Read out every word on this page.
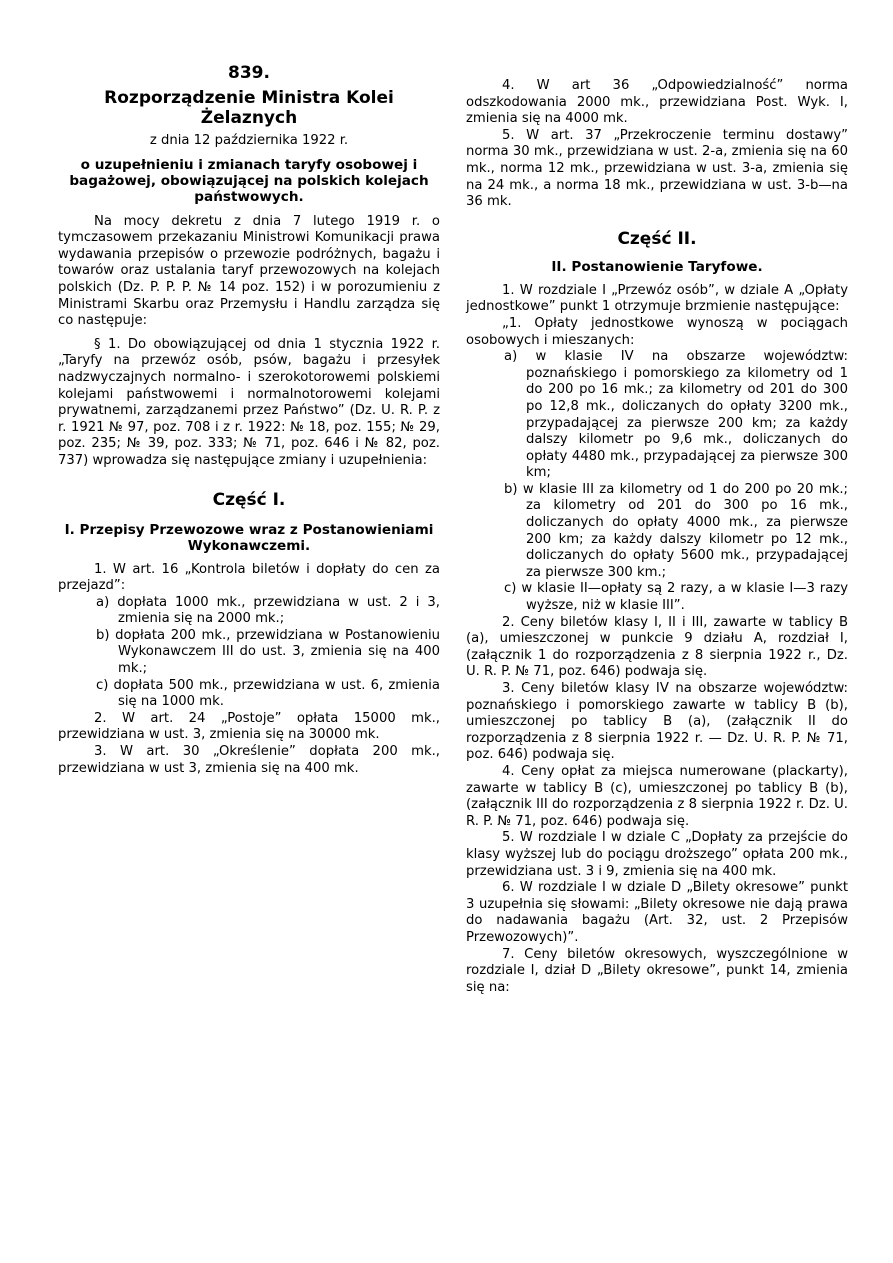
839.

Rozporządzenie Ministra Kolei Żelaznych

z dnia 12 października 1922 r.

o uzupełnieniu i zmianach taryfy osobowej i bagażowej, obowiązującej na polskich kolejach państwowych.

Na mocy dekretu z dnia 7 lutego 1919 r. o tymczasowem przekazaniu Ministrowi Komunikacji prawa wydawania przepisów o przewozie podróżnych, bagażu i towarów oraz ustalania taryf przewozowych na kolejach polskich (Dz. P. P. P. № 14 poz. 152) i w porozumieniu z Ministrami Skarbu oraz Przemysłu i Handlu zarządza się co następuje:

§ 1. Do obowiązującej od dnia 1 stycznia 1922 r. „Taryfy na przewóz osób, psów, bagażu i przesyłek nadzwyczajnych normalno- i szerokotorowemi polskiemi kolejami państwowemi i normalnotorowemi kolejami prywatnemi, zarządzanemi przez Państwo” (Dz. U. R. P. z r. 1921 № 97, poz. 708 i z r. 1922: № 18, poz. 155; № 29, poz. 235; № 39, poz. 333; № 71, poz. 646 i № 82, poz. 737) wprowadza się następujące zmiany i uzupełnienia:

Część I.

I. Przepisy Przewozowe wraz z Postanowieniami Wykonawczemi.

1. W art. 16 „Kontrola biletów i dopłaty do cen za przejazd”:

a) dopłata 1000 mk., przewidziana w ust. 2 i 3, zmienia się na 2000 mk.;

b) dopłata 200 mk., przewidziana w Postanowieniu Wykonawczem III do ust. 3, zmienia się na 400 mk.;

c) dopłata 500 mk., przewidziana w ust. 6, zmienia się na 1000 mk.

2. W art. 24 „Postoje” opłata 15000 mk., przewidziana w ust. 3, zmienia się na 30000 mk.

3. W art. 30 „Określenie” dopłata 200 mk., przewidziana w ust 3, zmienia się na 400 mk.

4. W art 36 „Odpowiedzialność” norma odszkodowania 2000 mk., przewidziana Post. Wyk. I, zmienia się na 4000 mk.

5. W art. 37 „Przekroczenie terminu dostawy” norma 30 mk., przewidziana w ust. 2-a, zmienia się na 60 mk., norma 12 mk., przewidziana w ust. 3-a, zmienia się na 24 mk., a norma 18 mk., przewidziana w ust. 3-b—na 36 mk.

Część II.

II. Postanowienie Taryfowe.

1. W rozdziale I „Przewóz osób”, w dziale A „Opłaty jednostkowe” punkt 1 otrzymuje brzmienie następujące:

„1. Opłaty jednostkowe wynoszą w pociągach osobowych i mieszanych:

a) w klasie IV na obszarze województw: poznańskiego i pomorskiego za kilometry od 1 do 200 po 16 mk.; za kilometry od 201 do 300 po 12,8 mk., doliczanych do opłaty 3200 mk., przypadającej za pierwsze 200 km; za każdy dalszy kilometr po 9,6 mk., doliczanych do opłaty 4480 mk., przypadającej za pierwsze 300 km;

b) w klasie III za kilometry od 1 do 200 po 20 mk.; za kilometry od 201 do 300 po 16 mk., doliczanych do opłaty 4000 mk., za pierwsze 200 km; za każdy dalszy kilometr po 12 mk., doliczanych do opłaty 5600 mk., przypadającej za pierwsze 300 km.;

c) w klasie II—opłaty są 2 razy, a w klasie I—3 razy wyższe, niż w klasie III”.

2. Ceny biletów klasy I, II i III, zawarte w tablicy B (a), umieszczonej w punkcie 9 działu A, rozdział I, (załącznik 1 do rozporządzenia z 8 sierpnia 1922 r., Dz. U. R. P. № 71, poz. 646) podwaja się.

3. Ceny biletów klasy IV na obszarze województw: poznańskiego i pomorskiego zawarte w tablicy B (b), umieszczonej po tablicy B (a), (załącznik II do rozporządzenia z 8 sierpnia 1922 r. — Dz. U. R. P. № 71, poz. 646) podwaja się.

4. Ceny opłat za miejsca numerowane (plackarty), zawarte w tablicy B (c), umieszczonej po tablicy B (b), (załącznik III do rozporządzenia z 8 sierpnia 1922 r. Dz. U. R. P. № 71, poz. 646) podwaja się.

5. W rozdziale I w dziale C „Dopłaty za przejście do klasy wyższej lub do pociągu droższego” opłata 200 mk., przewidziana ust. 3 i 9, zmienia się na 400 mk.

6. W rozdziale I w dziale D „Bilety okresowe” punkt 3 uzupełnia się słowami: „Bilety okresowe nie dają prawa do nadawania bagażu (Art. 32, ust. 2 Przepisów Przewozowych)”.

7. Ceny biletów okresowych, wyszczególnione w rozdziale I, dział D „Bilety okresowe”, punkt 14, zmienia się na:
